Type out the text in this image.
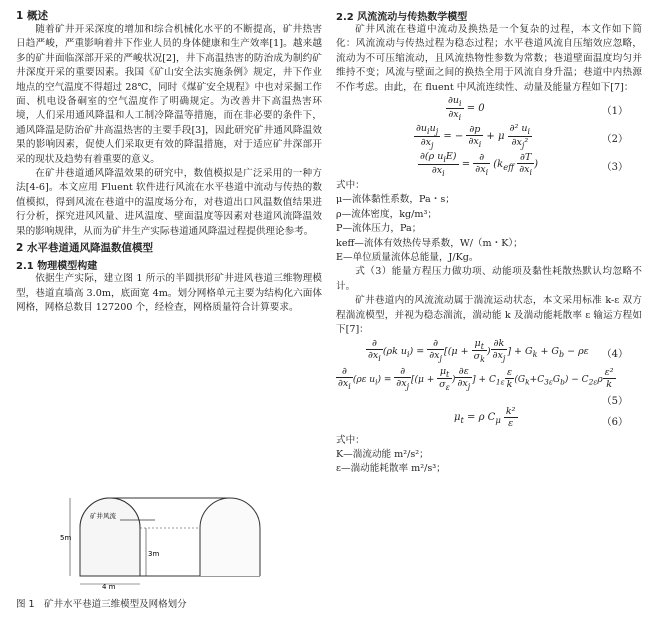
1 概述

随着矿井开采深度的增加和综合机械化水平的不断提高，矿井热害日趋严峻，严重影响着井下作业人员的身体健康和生产效率[1]。越来越多的矿井面临深部开采的严峻状况[2]，井下高温热害的防治成为制约矿井深度开采的重要因素。我国《矿山安全法实施条例》规定，井下作业地点的空气温度不得超过 28℃，同时《煤矿安全规程》中也对采掘工作面、机电设备硐室的空气温度作了明确规定。为改善井下高温热害环境，人们采用通风降温和人工制冷降温等措施，而在非必要的条件下，通风降温是防治矿井高温热害的主要手段[3]，因此研究矿井通风降温效果的影响因素，促使人们采取更有效的降温措施，对于适应矿井深部开采的现状及趋势有着重要的意义。

在矿井巷道通风降温效果的研究中，数值模拟是广泛采用的一种方法[4-6]。本文应用 Fluent 软件进行风流在水平巷道中流动与传热的数值模拟，得到风流在巷道中的温度场分布，对巷道出口风温数值结果进行分析，探究进风风量、进风温度、壁面温度等因素对巷道风流降温效果的影响规律，从而为矿井生产实际巷道通风降温过程提供理论参考。

2 水平巷道通风降温数值模型
2.1 物理模型构建

依据生产实际，建立图 1 所示的半圆拱形矿井进风巷道三维物理模型，巷道直墙高 3.0m，底面宽 4m。划分网格单元主要为结构化六面体网格，网格总数目 127200 个，经检查，网格质量符合计算要求。

矿井风流
5m
3m
4 m
图 1　矿井水平巷道三维模型及网格划分
2.2 风流流动与传热数学模型

矿井风流在巷道中流动及换热是一个复杂的过程，本文作如下简化：风流流动与传热过程为稳态过程；水平巷道风流自压缩效应忽略，流动为不可压缩流动，且风流热物性参数为常数；巷道壁面温度均匀并维持不变；风流与壁面之间的换热全用于风流自身升温；巷道中内热源不作考虑。由此，在 fluent 中风流连续性、动量及能量方程如下[7]：

$\frac{\partial u_i}{\partial x_i} = 0$	（1）
$\frac{\partial u_iu_j}{\partial x_j}$ = − $\frac{\partial p}{\partial x_i} + \mu \frac{\partial^2 u_i}{\partial x_j^2}$	（2）
$\frac{\partial(\rho u_iE)}{\partial x_i} = \frac{\partial}{\partial x_i} (k_{eff} \frac{\partial T}{\partial x_i}$ )	（3）
式中：
μ—流体黏性系数，Pa・s；
ρ—流体密度，kg/m³；
P—流体压力，Pa；
keff—流体有效热传导系数，W/（m・K）；
E—单位质量流体总能量，J/Kg。

式（3）能量方程压力做功项、动能项及黏性耗散热默认均忽略不计。

矿井巷道内的风流流动属于湍流运动状态，本文采用标准 k-ε 双方程湍流模型，并视为稳态湍流，湍动能 k 及湍动能耗散率 ε 输运方程如下[7]：

$\frac{\partial}{\partial x_i} (\rho k$ $u_i) = \frac{\partial}{\partial x_j} [(\mu + \frac{\mu_t}{\sigma_k}$ ) $\frac{\partial k}{\partial x_j}$ ] + $G_k + G_b - \rho\varepsilon$ （4）
$\frac{\partial}{\partial x_i} (\rho\varepsilon$ $u_i) = \frac{\partial}{\partial x_j} [(\mu + \frac{\mu_t}{\sigma_\varepsilon}$ ) $\frac{\partial\varepsilon}{\partial x_j}$ ] + $C_{1\varepsilon} \frac{\varepsilon}{k} (G_k+C_{3\varepsilon}G_b) - C_{2\varepsilon}\rho \frac{\text{ε²}}{k}$
（5）
$\mu_t = \rho$ $C_\mu \frac{\text{k²}}{\varepsilon}$	（6）
式中：
K—湍流动能 m²/s²；
ε—湍动能耗散率 m²/s³；
